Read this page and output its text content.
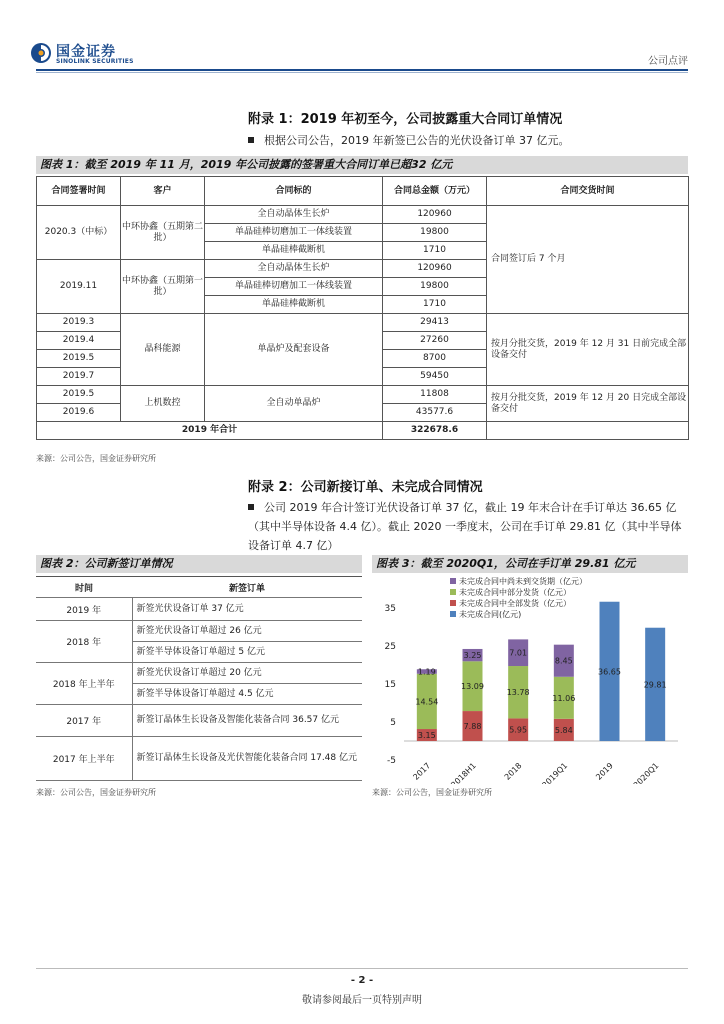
国金证券
SINOLINK SECURITIES	公司点评
附录 1：2019 年初至今，公司披露重大合同订单情况
根据公司公告，2019 年新签已公告的光伏设备订单 37 亿元。
图表 1：截至 2019 年 11 月，2019 年公司披露的签署重大合同订单已超32 亿元
合同签署时间	客户	合同标的	合同总金额（万元）	合同交货时间
2020.3（中标）	中环协鑫（五期第二批）	全自动晶体生长炉	120960	合同签订后 7 个月
		单晶硅棒切磨加工一体线装置	19800	
		单晶硅棒截断机	1710	
2019.11	中环协鑫（五期第一批）	全自动晶体生长炉	120960	
		单晶硅棒切磨加工一体线装置	19800	
		单晶硅棒截断机	1710	
2019.3	晶科能源	单晶炉及配套设备	29413	按月分批交货，2019 年 12 月 31 日前完成全部设备交付
2019.4			27260	
2019.5			8700	
2019.7			59450	
2019.5	上机数控	全自动单晶炉	11808	按月分批交货，2019 年 12 月 20 日完成全部设备交付
2019.6			43577.6	
2019 年合计			322678.6	
来源：公司公告，国金证券研究所
附录 2：公司新接订单、未完成合同情况
公司 2019 年合计签订光伏设备订单 37 亿，截止 19 年末合计在手订单达 36.65 亿（其中半导体设备 4.4 亿）。截止 2020 一季度末，公司在手订单 29.81 亿（其中半导体设备订单 4.7 亿）
图表 2：公司新签订单情况
时间	新签订单
2019 年	新签光伏设备订单 37 亿元
2018 年	新签光伏设备订单超过 26 亿元
	新签半导体设备订单超过 5 亿元
2018 年上半年	新签光伏设备订单超过 20 亿元
	新签半导体设备订单超过 4.5 亿元
2017 年	新签订晶体生长设备及智能化装备合同 36.57 亿元
2017 年上半年	新签订晶体生长设备及光伏智能化装备合同 17.48 亿元
来源：公司公告，国金证券研究所
图表 3：截至 2020Q1，公司在手订单 29.81 亿元
未完成合同中尚未到交货期（亿元）
未完成合同中部分发货（亿元）
未完成合同中全部发货（亿元）
未完成合同(亿元)
-5
5
15
25
35
3.15
14.54
1.19
2017
7.88
13.09
3.25
2018H1
5.95
13.78
7.01
2018
5.84
11.06
8.45
2019Q1
36.65
2019
29.81
2020Q1
来源：公司公告，国金证券研究所
- 2 -
敬请参阅最后一页特别声明
